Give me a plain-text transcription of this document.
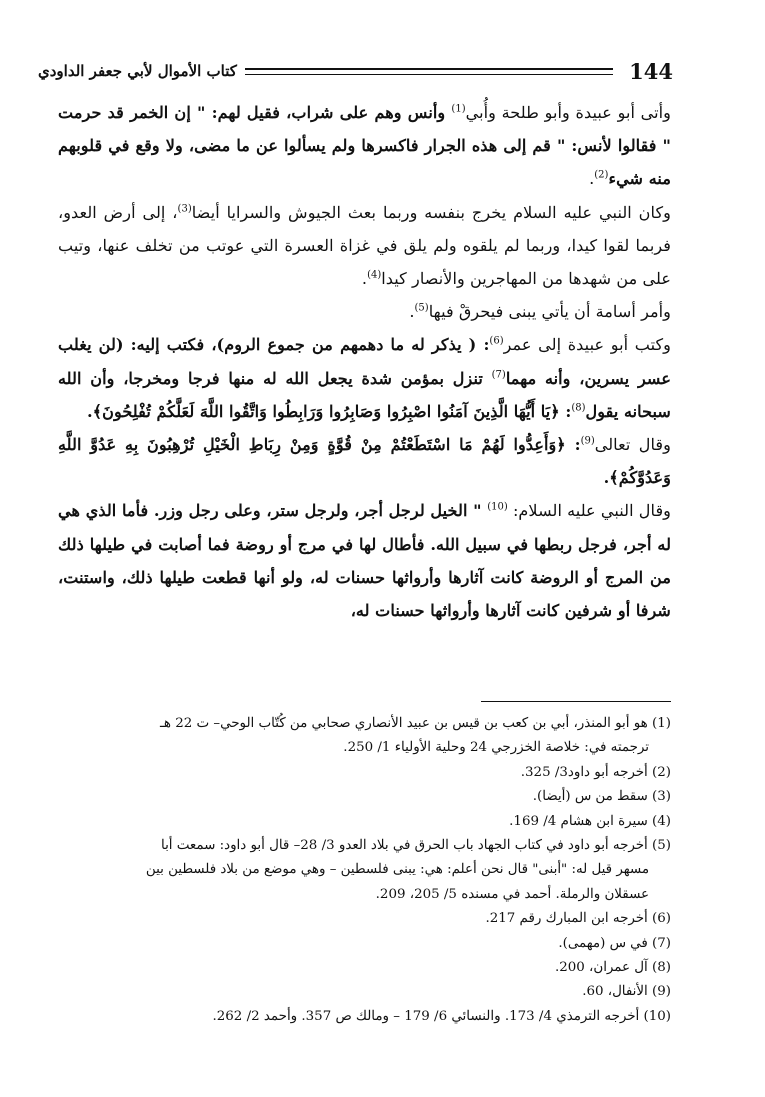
144
كتاب الأموال لأبي جعفر الداودي

وأتى أبو عبيدة وأبو طلحة وأُبي$^{(1)}$ وأنس وهم على شراب، فقيل لهم: " إن الخمر قد حرمت " فقالوا لأنس: " قم إلى هذه الجرار فاكسرها ولم يسألوا عن ما مضى، ولا وقع في قلوبهم منه شيء$^{(2)}$.

وكان النبي عليه السلام يخرج بنفسه وربما بعث الجيوش والسرايا أيضا$^{(3)}$، إلى أرض العدو، فربما لقوا كيدا، وربما لم يلقوه ولم يلق في غزاة العسرة التي عوتب من تخلف عنها، وتيب على من شهدها من المهاجرين والأنصار كيدا$^{(4)}$.

وأمر أسامة أن يأتي يبنى فيحرقْ فيها$^{(5)}$.

وكتب أبو عبيدة إلى عمر$^{(6)}$: ( يذكر له ما دهمهم من جموع الروم)، فكتب إليه: (لن يغلب عسر يسرين، وأنه مهما$^{(7)}$ تنزل بمؤمن شدة يجعل الله له منها فرجا ومخرجا، وأن الله سبحانه يقول$^{(8)}$: ﴿يَا أَيُّهَا الَّذِينَ آمَنُوا اصْبِرُوا وَصَابِرُوا وَرَابِطُوا وَاتَّقُوا اللَّهَ لَعَلَّكُمْ تُفْلِحُونَ﴾.

وقال تعالى$^{(9)}$: ﴿وَأَعِدُّوا لَهُمْ مَا اسْتَطَعْتُمْ مِنْ قُوَّةٍ وَمِنْ رِبَاطِ الْخَيْلِ تُرْهِبُونَ بِهِ عَدُوَّ اللَّهِ وَعَدُوَّكُمْ﴾.

وقال النبي عليه السلام: $^{(10)}$ " الخيل لرجل أجر، ولرجل ستر، وعلى رجل وزر. فأما الذي هي له أجر، فرجل ربطها في سبيل الله. فأطال لها في مرج أو روضة فما أصابت في طيلها ذلك من المرج أو الروضة كانت آثارها وأرواثها حسنات له، ولو أنها قطعت طيلها ذلك، واستنت، شرفا أو شرفين كانت آثارها وأرواثها حسنات له،

(1) هو أبو المنذر، أبي بن كعب بن قيس بن عبيد الأنصاري صحابي من كُتّاب الوحي– ت 22 هـ

ترجمته في: خلاصة الخزرجي 24 وحلية الأولياء 1/ 250.

(2) أخرجه أبو داود3/ 325.

(3) سقط من س (أيضا).

(4) سيرة ابن هشام 4/ 169.

(5) أخرجه أبو داود في كتاب الجهاد باب الحرق في بلاد العدو 3/ 28– قال أبو داود: سمعت أبا

مسهر قيل له: "أبنى" قال نحن أعلم: هي: يبنى فلسطين – وهي موضع من بلاد فلسطين بين

عسقلان والرملة. أحمد في مسنده 5/ 205، 209.

(6) أخرجه ابن المبارك رقم 217.

(7) في س (مهمى).

(8) آل عمران، 200.

(9) الأنفال، 60.

(10) أخرجه الترمذي 4/ 173. والنسائي 6/ 179 – ومالك ص 357. وأحمد 2/ 262.
